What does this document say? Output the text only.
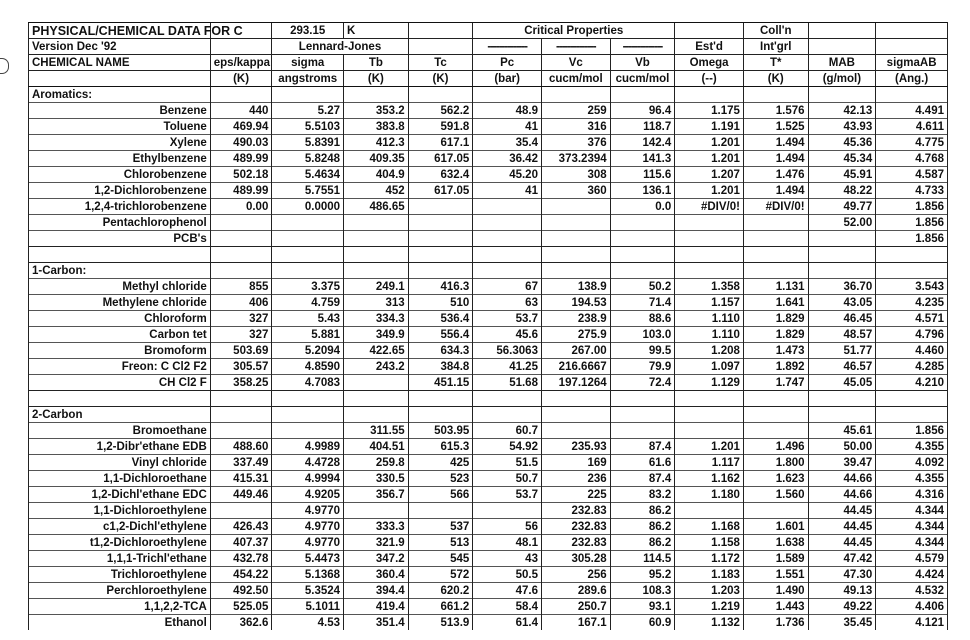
PHYSICAL/CHEMICAL DATA FOR C		293.15	K		Critical Properties				Coll'n		
Version Dec '92		Lennard-Jones			--------------	--------------	--------------	Est'd	Int'grl		
CHEMICAL NAME	eps/kappa	sigma	Tb	Tc	Pc	Vc	Vb	Omega	T*	MAB	sigmaAB
	(K)	angstroms	(K)	(K)	(bar)	cucm/mol	cucm/mol	(--)	(K)	(g/mol)	(Ang.)
Aromatics:											
Benzene	440	5.27	353.2	562.2	48.9	259	96.4	1.175	1.576	42.13	4.491
Toluene	469.94	5.5103	383.8	591.8	41	316	118.7	1.191	1.525	43.93	4.611
Xylene	490.03	5.8391	412.3	617.1	35.4	376	142.4	1.201	1.494	45.36	4.775
Ethylbenzene	489.99	5.8248	409.35	617.05	36.42	373.2394	141.3	1.201	1.494	45.34	4.768
Chlorobenzene	502.18	5.4634	404.9	632.4	45.20	308	115.6	1.207	1.476	45.91	4.587
1,2-Dichlorobenzene	489.99	5.7551	452	617.05	41	360	136.1	1.201	1.494	48.22	4.733
1,2,4-trichlorobenzene	0.00	0.0000	486.65				0.0	#DIV/0!	#DIV/0!	49.77	1.856
Pentachlorophenol										52.00	1.856
PCB's											1.856

1-Carbon:											
Methyl chloride	855	3.375	249.1	416.3	67	138.9	50.2	1.358	1.131	36.70	3.543
Methylene chloride	406	4.759	313	510	63	194.53	71.4	1.157	1.641	43.05	4.235
Chloroform	327	5.43	334.3	536.4	53.7	238.9	88.6	1.110	1.829	46.45	4.571
Carbon tet	327	5.881	349.9	556.4	45.6	275.9	103.0	1.110	1.829	48.57	4.796
Bromoform	503.69	5.2094	422.65	634.3	56.3063	267.00	99.5	1.208	1.473	51.77	4.460
Freon: C Cl2 F2	305.57	4.8590	243.2	384.8	41.25	216.6667	79.9	1.097	1.892	46.57	4.285
CH Cl2 F	358.25	4.7083		451.15	51.68	197.1264	72.4	1.129	1.747	45.05	4.210

2-Carbon											
Bromoethane			311.55	503.95	60.7					45.61	1.856
1,2-Dibr'ethane EDB	488.60	4.9989	404.51	615.3	54.92	235.93	87.4	1.201	1.496	50.00	4.355
Vinyl chloride	337.49	4.4728	259.8	425	51.5	169	61.6	1.117	1.800	39.47	4.092
1,1-Dichloroethane	415.31	4.9994	330.5	523	50.7	236	87.4	1.162	1.623	44.66	4.355
1,2-Dichl'ethane EDC	449.46	4.9205	356.7	566	53.7	225	83.2	1.180	1.560	44.66	4.316
1,1-Dichloroethylene		4.9770				232.83	86.2			44.45	4.344
c1,2-Dichl'ethylene	426.43	4.9770	333.3	537	56	232.83	86.2	1.168	1.601	44.45	4.344
t1,2-Dichloroethylene	407.37	4.9770	321.9	513	48.1	232.83	86.2	1.158	1.638	44.45	4.344
1,1,1-Trichl'ethane	432.78	5.4473	347.2	545	43	305.28	114.5	1.172	1.589	47.42	4.579
Trichloroethylene	454.22	5.1368	360.4	572	50.5	256	95.2	1.183	1.551	47.30	4.424
Perchloroethylene	492.50	5.3524	394.4	620.2	47.6	289.6	108.3	1.203	1.490	49.13	4.532
1,1,2,2-TCA	525.05	5.1011	419.4	661.2	58.4	250.7	93.1	1.219	1.443	49.22	4.406
Ethanol	362.6	4.53	351.4	513.9	61.4	167.1	60.9	1.132	1.736	35.45	4.121
